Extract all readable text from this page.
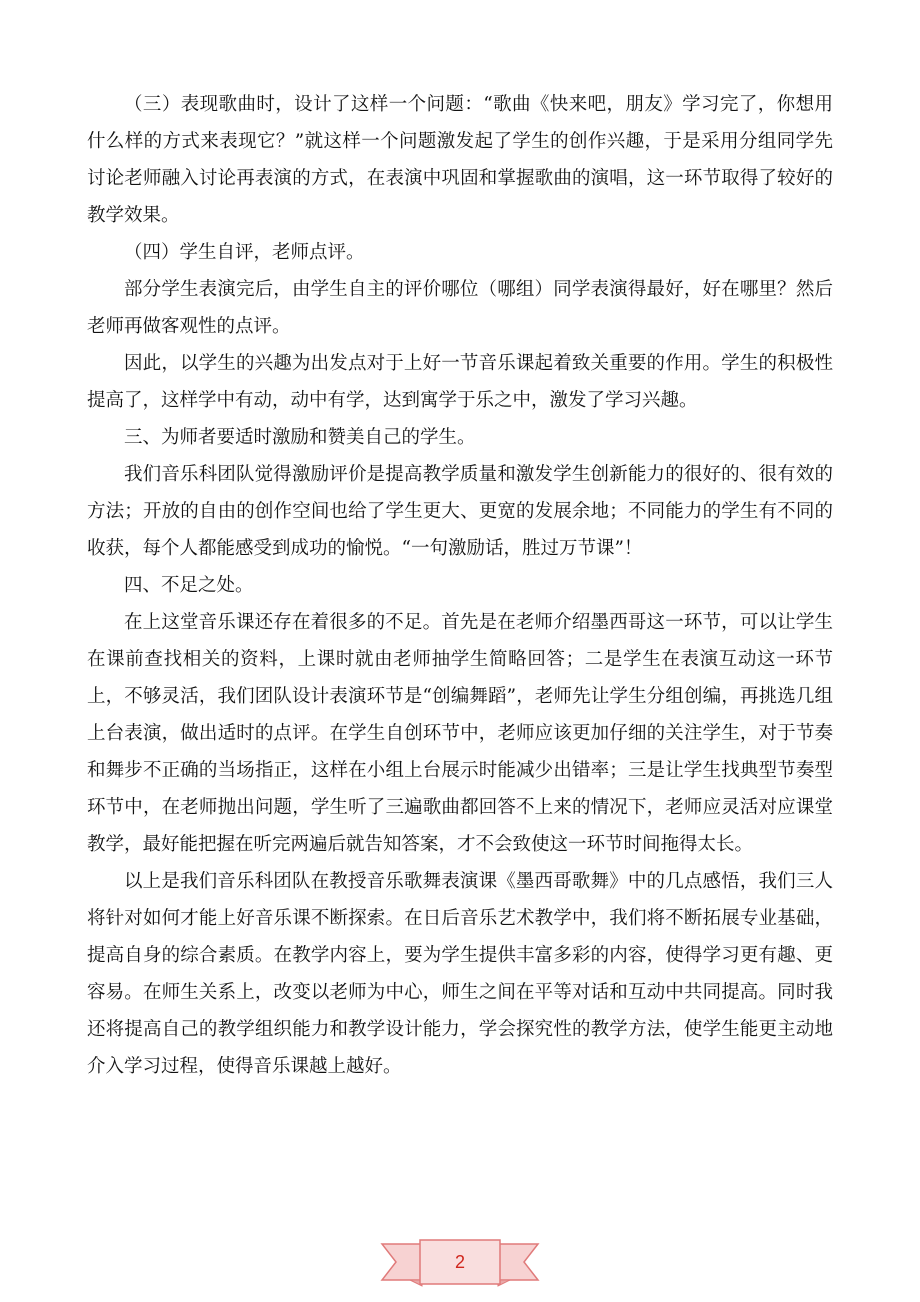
（三）表现歌曲时，设计了这样一个问题：“歌曲《快来吧，朋友》学习完了，你想用什么样的方式来表现它？”就这样一个问题激发起了学生的创作兴趣，于是采用分组同学先讨论老师融入讨论再表演的方式，在表演中巩固和掌握歌曲的演唱，这一环节取得了较好的教学效果。

（四）学生自评，老师点评。

部分学生表演完后，由学生自主的评价哪位（哪组）同学表演得最好，好在哪里？然后老师再做客观性的点评。

因此，以学生的兴趣为出发点对于上好一节音乐课起着致关重要的作用。学生的积极性提高了，这样学中有动，动中有学，达到寓学于乐之中，激发了学习兴趣。

三、为师者要适时激励和赞美自己的学生。

我们音乐科团队觉得激励评价是提高教学质量和激发学生创新能力的很好的、很有效的方法；开放的自由的创作空间也给了学生更大、更宽的发展余地；不同能力的学生有不同的收获，每个人都能感受到成功的愉悦。“一句激励话，胜过万节课”！

四、不足之处。

在上这堂音乐课还存在着很多的不足。首先是在老师介绍墨西哥这一环节，可以让学生在课前查找相关的资料，上课时就由老师抽学生简略回答；二是学生在表演互动这一环节上，不够灵活，我们团队设计表演环节是“创编舞蹈”，老师先让学生分组创编，再挑选几组上台表演，做出适时的点评。在学生自创环节中，老师应该更加仔细的关注学生，对于节奏和舞步不正确的当场指正，这样在小组上台展示时能减少出错率；三是让学生找典型节奏型环节中，在老师抛出问题，学生听了三遍歌曲都回答不上来的情况下，老师应灵活对应课堂教学，最好能把握在听完两遍后就告知答案，才不会致使这一环节时间拖得太长。

以上是我们音乐科团队在教授音乐歌舞表演课《墨西哥歌舞》中的几点感悟，我们三人将针对如何才能上好音乐课不断探索。在日后音乐艺术教学中，我们将不断拓展专业基础，提高自身的综合素质。在教学内容上，要为学生提供丰富多彩的内容，使得学习更有趣、更容易。在师生关系上，改变以老师为中心，师生之间在平等对话和互动中共同提高。同时我还将提高自己的教学组织能力和教学设计能力，学会探究性的教学方法，使学生能更主动地介入学习过程，使得音乐课越上越好。

2
